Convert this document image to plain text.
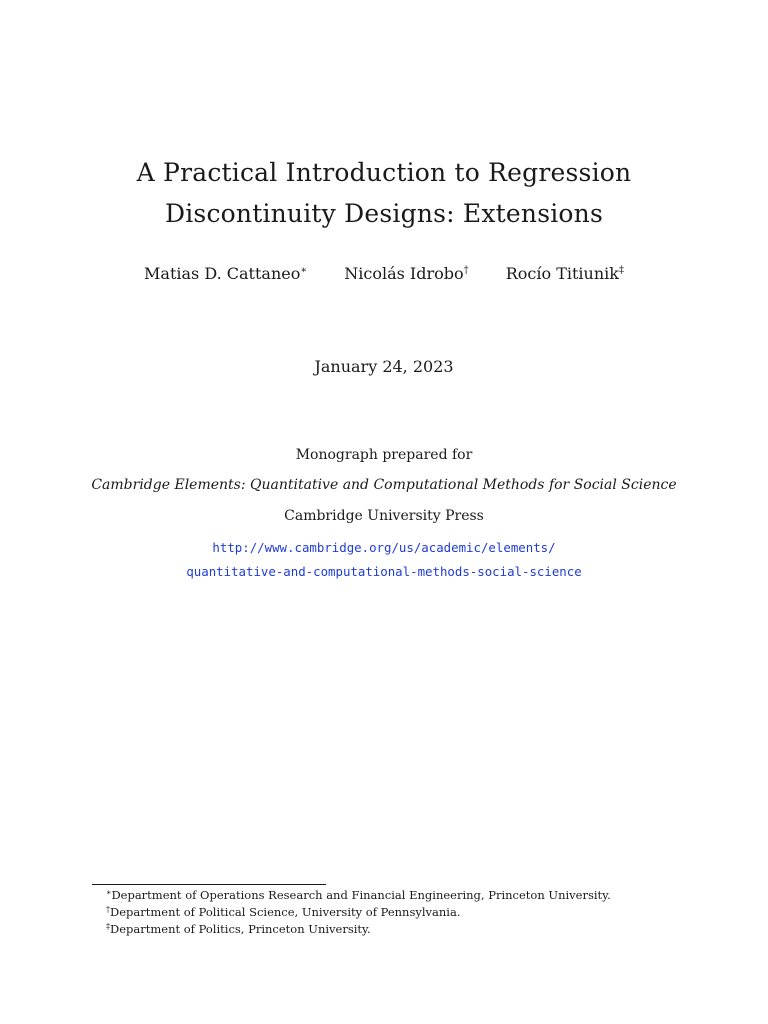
A Practical Introduction to Regression
Discontinuity Designs: Extensions
Matias D. Cattaneo∗ Nicolás Idrobo† Rocío Titiunik‡
January 24, 2023
Monograph prepared for
Cambridge Elements: Quantitative and Computational Methods for Social Science
Cambridge University Press
http://www.cambridge.org/us/academic/elements/
quantitative-and-computational-methods-social-science
∗Department of Operations Research and Financial Engineering, Princeton University.
†Department of Political Science, University of Pennsylvania.
‡Department of Politics, Princeton University.
